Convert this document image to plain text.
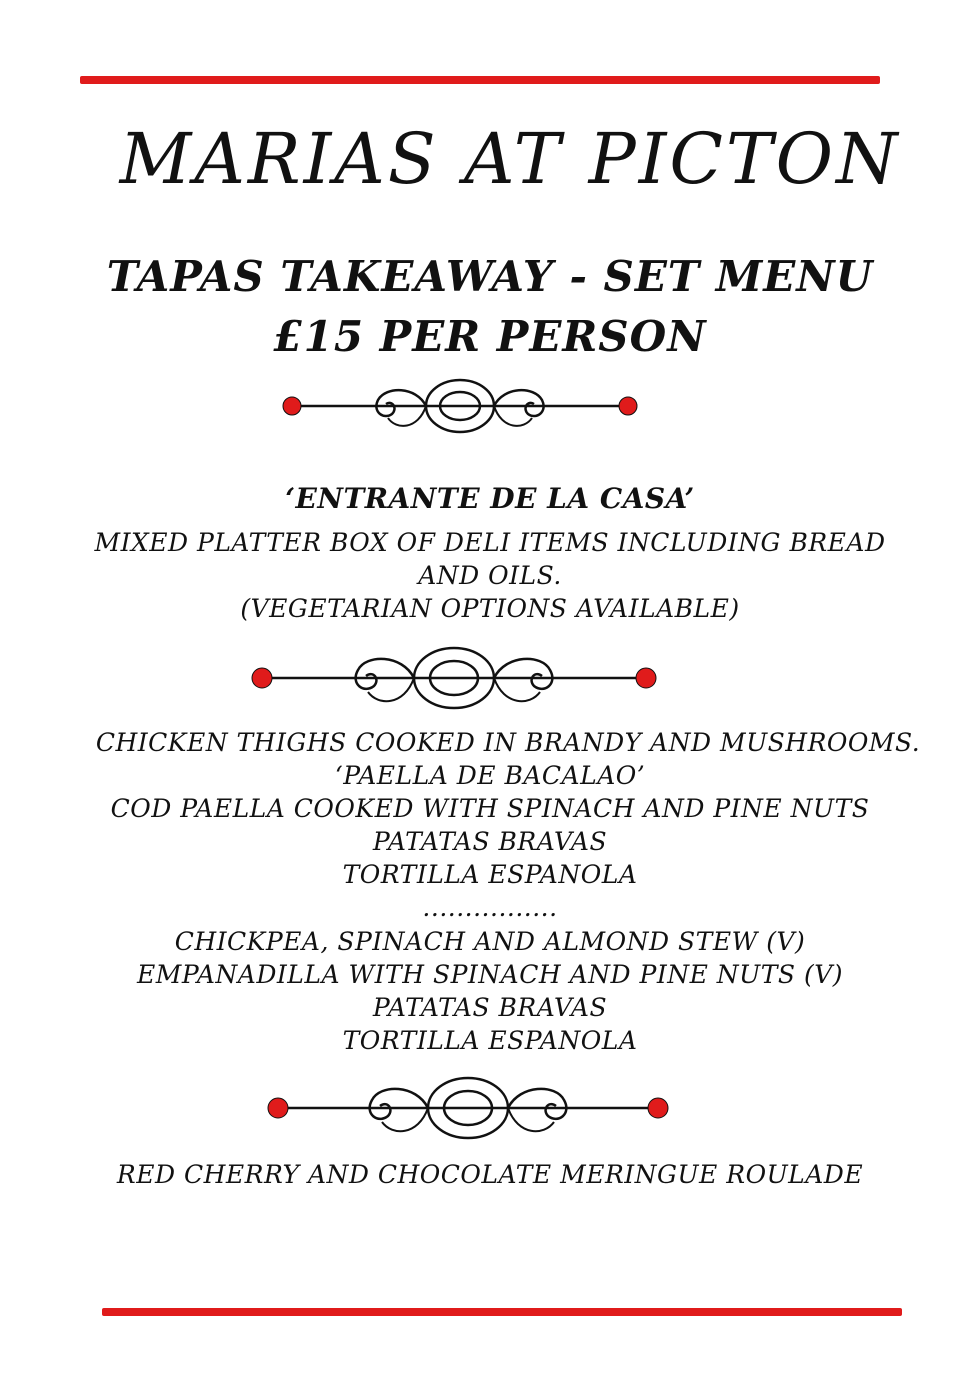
MARIAS AT PICTON
TAPAS TAKEAWAY - SET MENU
£15 PER PERSON
‘ENTRANTE DE LA CASA’
MIXED PLATTER BOX OF DELI ITEMS INCLUDING BREAD
AND OILS.
(VEGETARIAN OPTIONS AVAILABLE)
CHICKEN THIGHS COOKED IN BRANDY AND MUSHROOMS.
‘PAELLA DE BACALAO’
COD PAELLA COOKED WITH SPINACH AND PINE NUTS
PATATAS BRAVAS
TORTILLA ESPANOLA
................
CHICKPEA, SPINACH AND ALMOND STEW (V)
EMPANADILLA WITH SPINACH AND PINE NUTS (V)
PATATAS BRAVAS
TORTILLA ESPANOLA
RED CHERRY AND CHOCOLATE MERINGUE ROULADE
